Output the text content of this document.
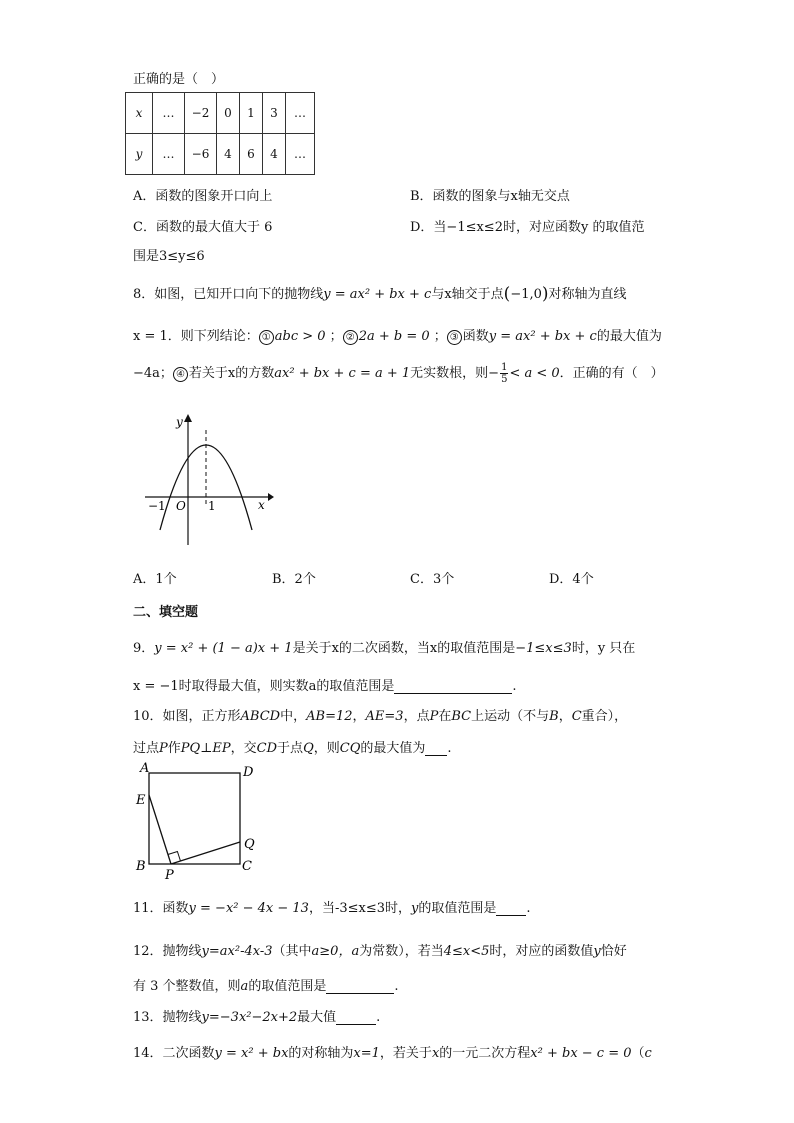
正确的是（　）
x	…	−2	0	1	3	…
y	…	−6	4	6	4	…
A．函数的图象开口向上	B．函数的图象与x轴无交点
C．函数的最大值大于 6	D．当−1≤x≤2时，对应函数y 的取值范
围是3≤y≤6
8．如图，已知开口向下的抛物线y = ax² + bx + c与x轴交于点(−1,0)对称轴为直线
x = 1．则下列结论： ① abc > 0 ； ② 2a + b = 0 ； ③ 函数y = ax² + bx + c的最大值为
−4a； ④ 若关于x的方数ax² + bx + c = a + 1无实数根，则− $\frac{1}{5} < a < 0$．正确的有（　）
y
x
O
−1	1
A．1个	B．2个	C．3个	D．4个
二、填空题
9．y = x² + (1 − a)x + 1是关于x的二次函数，当x的取值范围是−1≤x≤3时，y 只在
x = −1时取得最大值，则实数a的取值范围是	.
10．如图，正方形ABCD中，AB=12，AE=3，点P在BC上运动（不与B，C重合），
过点P作PQ⊥EP，交CD于点Q，则CQ的最大值为 .
A	D
E
Q
B
P
C
11．函数y = −x² − 4x − 13，当-3≤x≤3时，y的取值范围是 .
12．抛物线y=ax²-4x-3（其中a≥0，a为常数），若当4≤x<5时，对应的函数值y恰好
有 3 个整数值，则a的取值范围是	.
13．抛物线y=−3x²−2x+2最大值	.
14．二次函数y = x² + bx的对称轴为x=1，若关于x的一元二次方程x² + bx − c = 0（c
